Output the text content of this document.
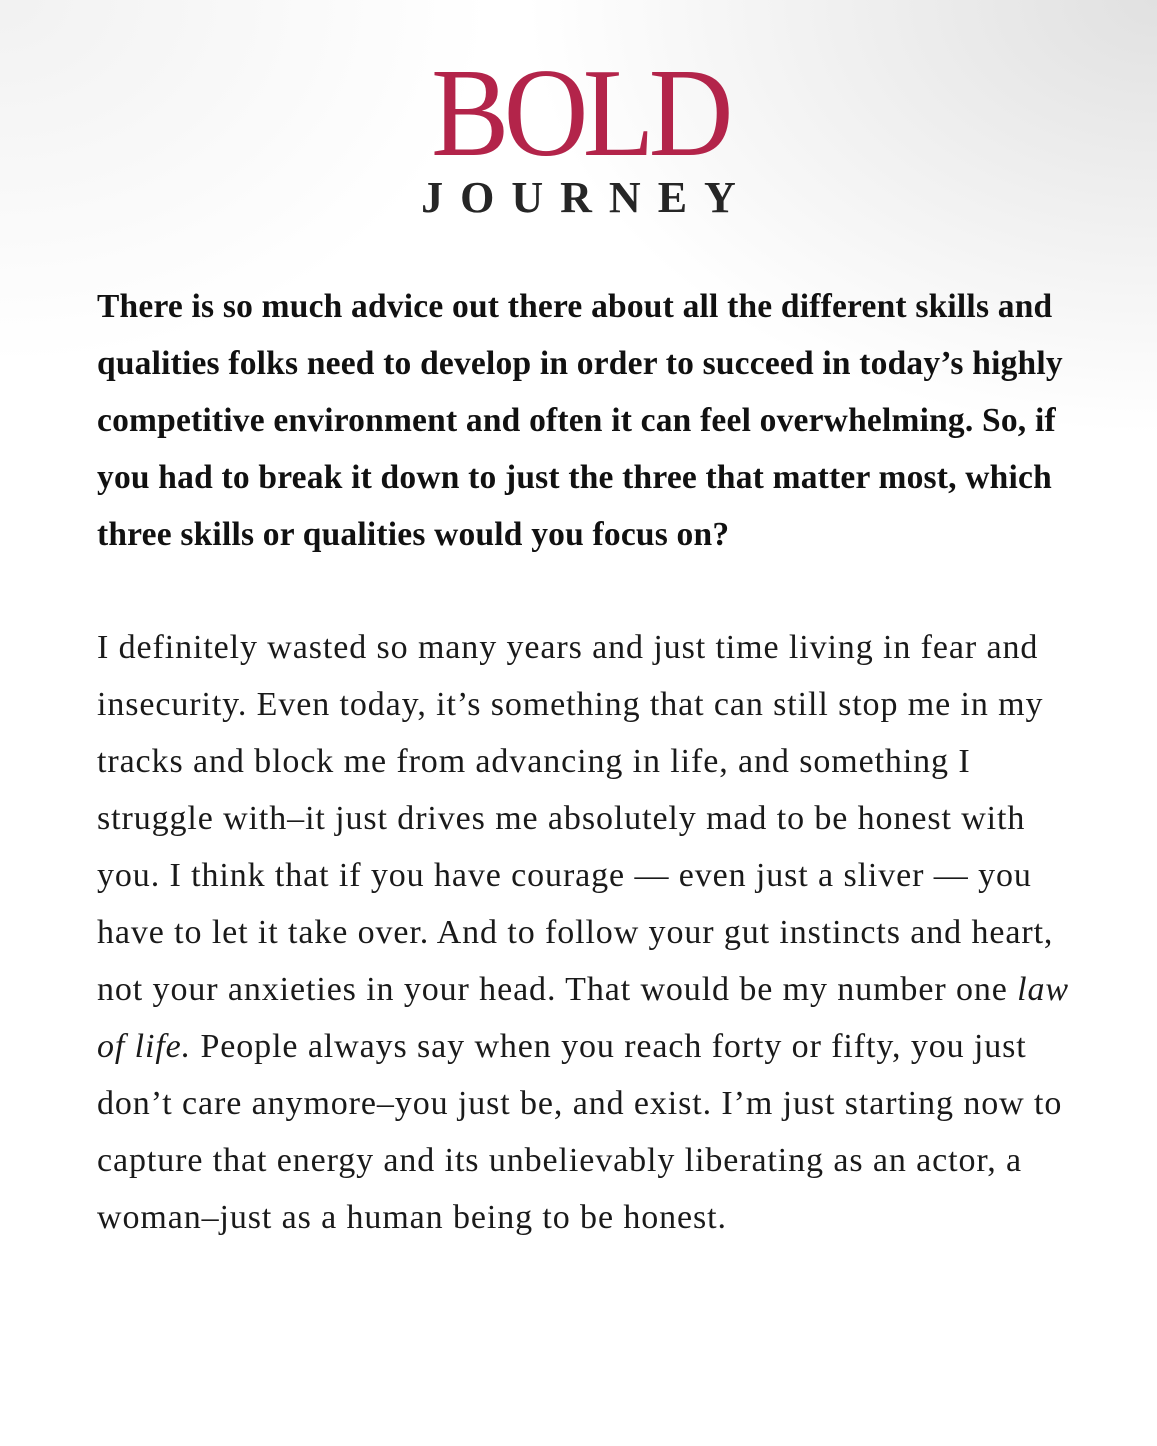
BOLD
JOURNEY

There is so much advice out there about all the different skills and qualities folks need to develop in order to succeed in today’s highly competitive environment and often it can feel overwhelming. So, if you had to break it down to just the three that matter most, which three skills or qualities would you focus on?

I definitely wasted so many years and just time living in fear and insecurity. Even today, it’s something that can still stop me in my tracks and block me from advancing in life, and something I struggle with–it just drives me absolutely mad to be honest with you. I think that if you have courage — even just a sliver — you have to let it take over. And to follow your gut instincts and heart, not your anxieties in your head. That would be my number one law of life. People always say when you reach forty or fifty, you just don’t care anymore–you just be, and exist. I’m just starting now to capture that energy and its unbelievably liberating as an actor, a woman–just as a human being to be honest.
